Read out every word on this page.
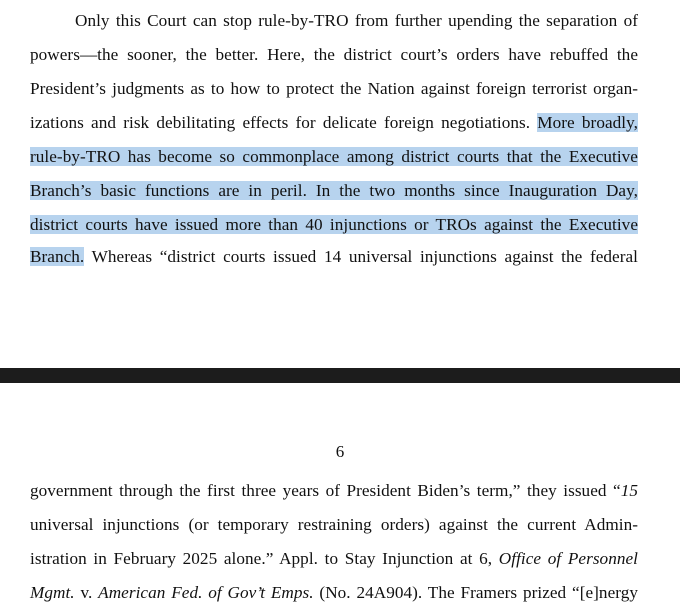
Only this Court can stop rule-by-TRO from further upending the separation of
powers—the sooner, the better. Here, the district court’s orders have rebuffed the
President’s judgments as to how to protect the Nation against foreign terrorist organ-
izations and risk debilitating effects for delicate foreign negotiations. More broadly,
rule-by-TRO has become so commonplace among district courts that the Executive
Branch’s basic functions are in peril. In the two months since Inauguration Day,
district courts have issued more than 40 injunctions or TROs against the Executive
Branch. Whereas “district courts issued 14 universal injunctions against the federal
6
government through the first three years of President Biden’s term,” they issued “15
universal injunctions (or temporary restraining orders) against the current Admin-
istration in February 2025 alone.” Appl. to Stay Injunction at 6, Office of Personnel
Mgmt. v. American Fed. of Gov’t Emps. (No. 24A904). The Framers prized “[e]nergy
